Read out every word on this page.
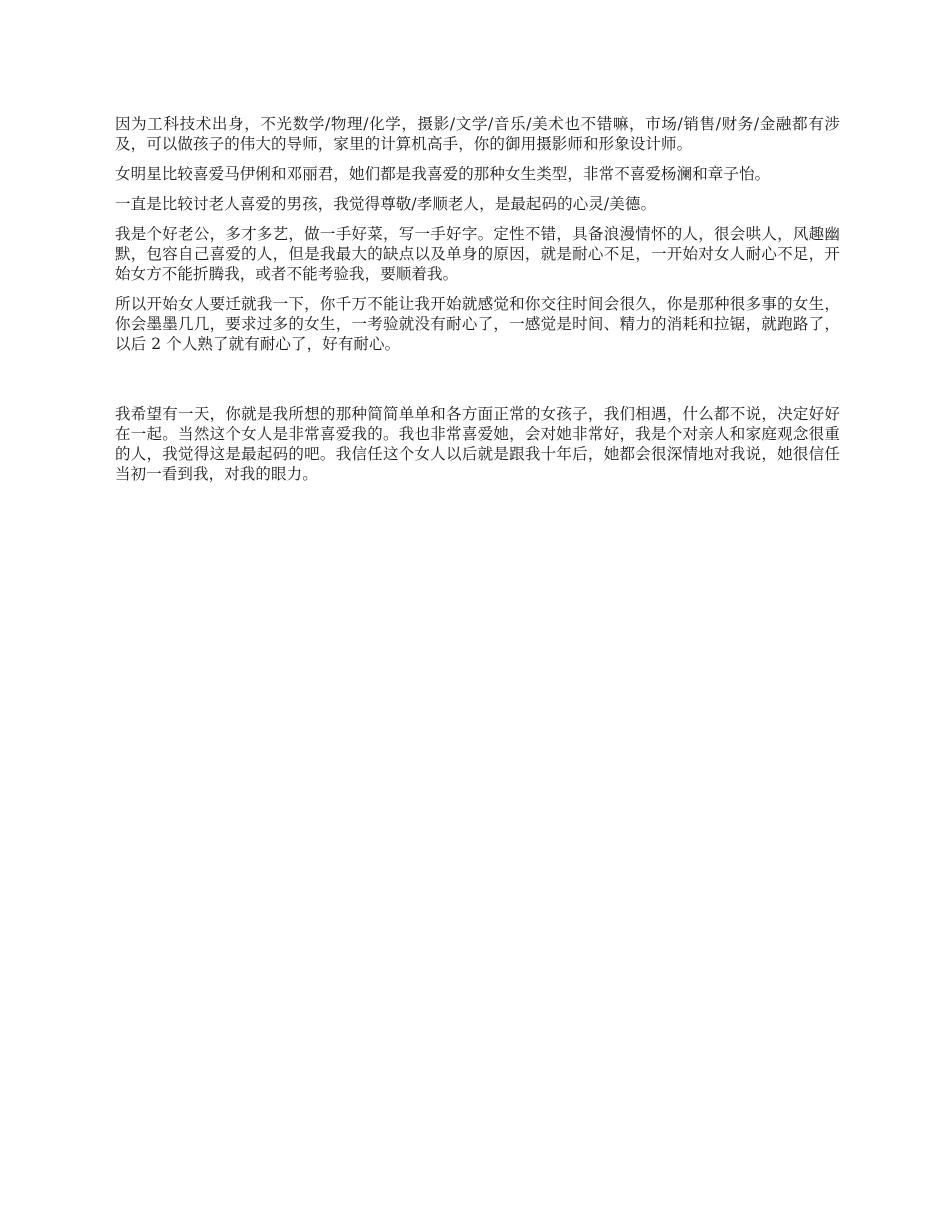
因为工科技术出身，不光数学/物理/化学，摄影/文学/音乐/美术也不错嘛，市场/销售/财务/金融都有涉及，可以做孩子的伟大的导师，家里的计算机高手，你的御用摄影师和形象设计师。

女明星比较喜爱马伊俐和邓丽君，她们都是我喜爱的那种女生类型，非常不喜爱杨澜和章子怡。

一直是比较讨老人喜爱的男孩，我觉得尊敬/孝顺老人，是最起码的心灵/美德。

我是个好老公，多才多艺，做一手好菜，写一手好字。定性不错，具备浪漫情怀的人，很会哄人，风趣幽默，包容自己喜爱的人，但是我最大的缺点以及单身的原因，就是耐心不足，一开始对女人耐心不足，开始女方不能折腾我，或者不能考验我，要顺着我。

所以开始女人要迁就我一下，你千万不能让我开始就感觉和你交往时间会很久，你是那种很多事的女生，你会墨墨几几，要求过多的女生，一考验就没有耐心了，一感觉是时间、精力的消耗和拉锯，就跑路了，以后 2 个人熟了就有耐心了，好有耐心。

我希望有一天，你就是我所想的那种简简单单和各方面正常的女孩子，我们相遇，什么都不说，决定好好在一起。当然这个女人是非常喜爱我的。我也非常喜爱她，会对她非常好，我是个对亲人和家庭观念很重的人，我觉得这是最起码的吧。我信任这个女人以后就是跟我十年后，她都会很深情地对我说，她很信任当初一看到我，对我的眼力。
